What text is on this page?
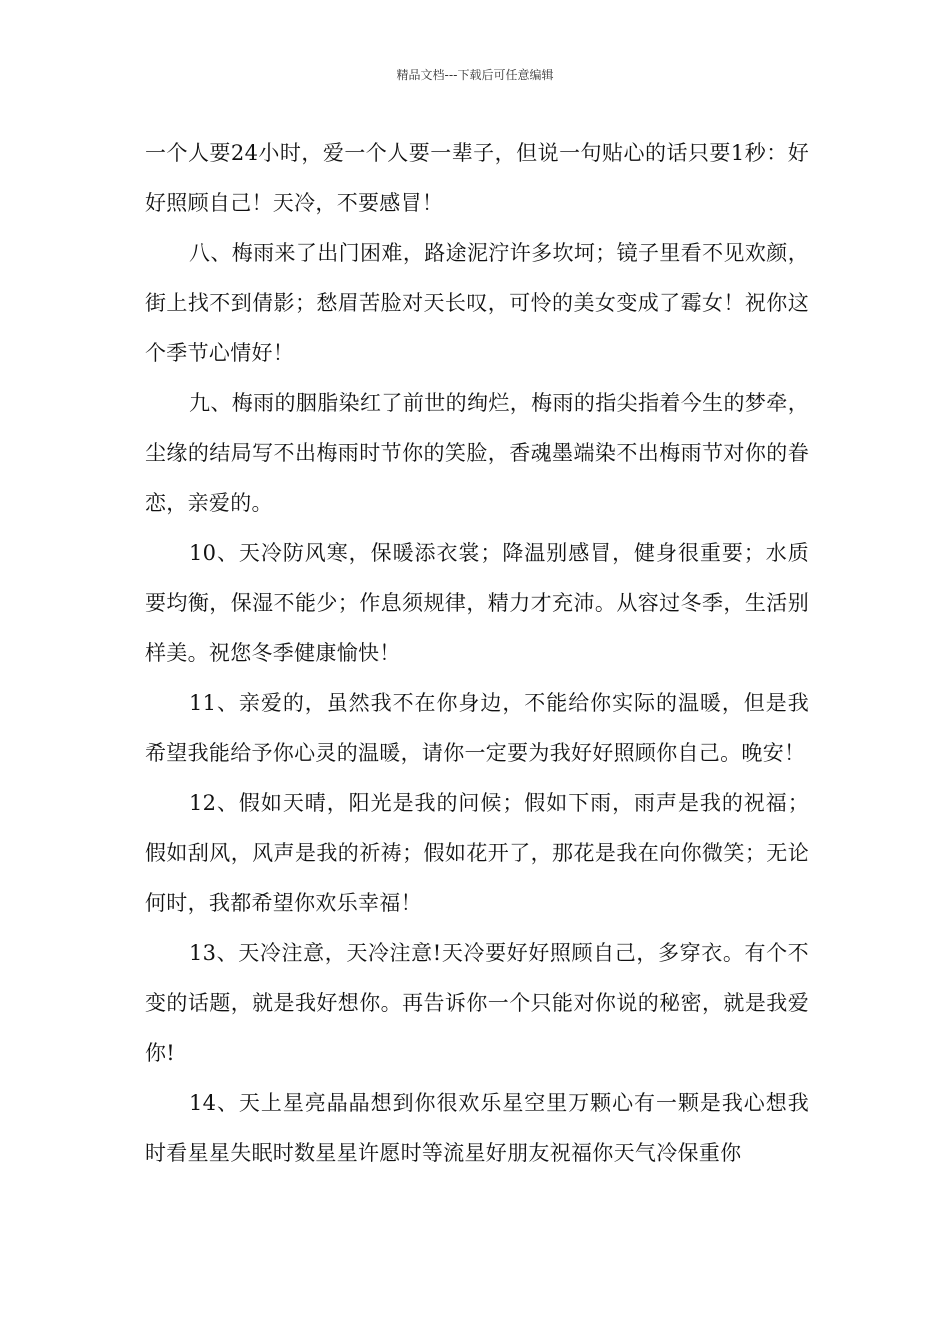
精品文档---下载后可任意编辑

一个人要24小时，爱一个人要一辈子，但说一句贴心的话只要1秒：好好照顾自己！天冷，不要感冒！

八、梅雨来了出门困难，路途泥泞许多坎坷；镜子里看不见欢颜，街上找不到倩影；愁眉苦脸对天长叹，可怜的美女变成了霉女！祝你这个季节心情好！

九、梅雨的胭脂染红了前世的绚烂，梅雨的指尖指着今生的梦牵，尘缘的结局写不出梅雨时节你的笑脸，香魂墨端染不出梅雨节对你的眷恋，亲爱的。

10、天冷防风寒，保暖添衣裳；降温别感冒，健身很重要；水质要均衡，保湿不能少；作息须规律，精力才充沛。从容过冬季，生活别样美。祝您冬季健康愉快！

11、亲爱的，虽然我不在你身边，不能给你实际的温暖，但是我希望我能给予你心灵的温暖，请你一定要为我好好照顾你自己。晚安！

12、假如天晴，阳光是我的问候；假如下雨，雨声是我的祝福；假如刮风，风声是我的祈祷；假如花开了，那花是我在向你微笑；无论何时，我都希望你欢乐幸福！

13、天冷注意，天冷注意!天冷要好好照顾自己，多穿衣。有个不变的话题，就是我好想你。再告诉你一个只能对你说的秘密，就是我爱你!

14、天上星亮晶晶想到你很欢乐星空里万颗心有一颗是我心想我时看星星失眠时数星星许愿时等流星好朋友祝福你天气冷保重你
